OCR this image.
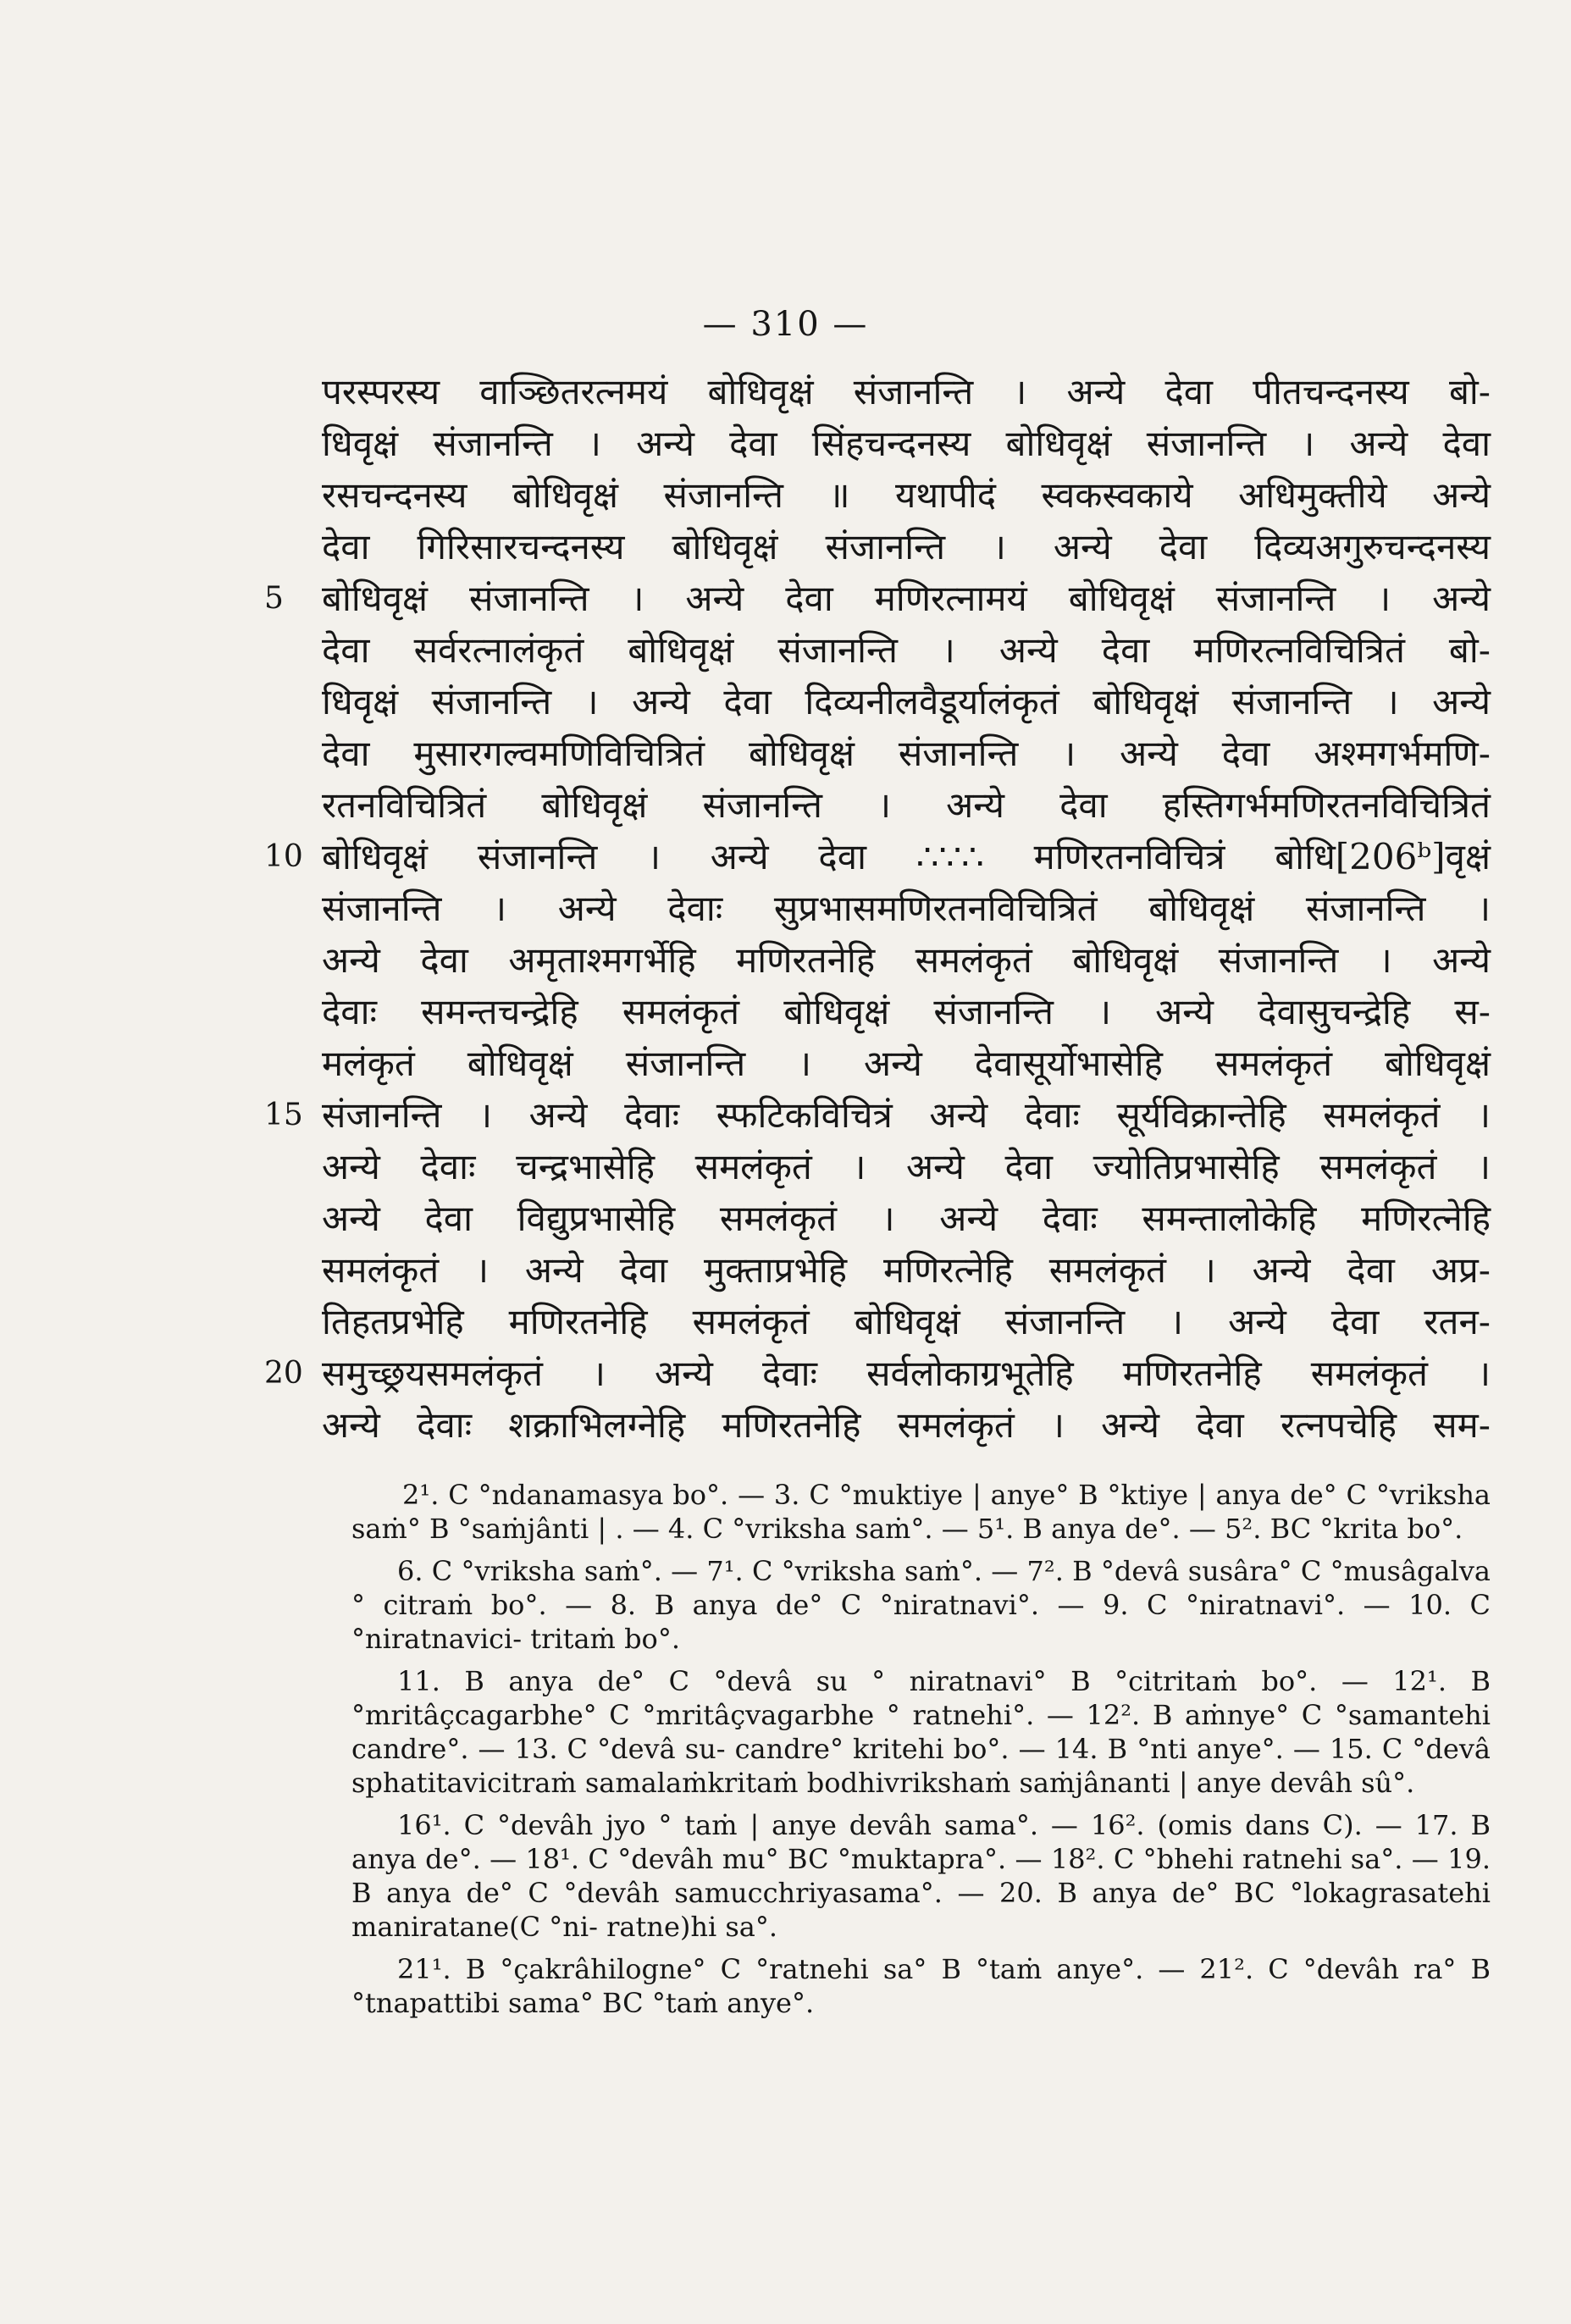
— 310 —
परस्परस्य वाञ्छितरत्नमयं बोधिवृक्षं संजानन्ति । अन्ये देवा पीतचन्दनस्य बो-
धिवृक्षं संजानन्ति । अन्ये देवा सिंहचन्दनस्य बोधिवृक्षं संजानन्ति । अन्ये देवा
रसचन्दनस्य बोधिवृक्षं संजानन्ति ॥ यथापीदं स्वकस्वकाये अधिमुक्तीये अन्ये
देवा गिरिसारचन्दनस्य बोधिवृक्षं संजानन्ति । अन्ये देवा दिव्यअगुरुचन्दनस्य
5	बोधिवृक्षं संजानन्ति । अन्ये देवा मणिरत्नामयं बोधिवृक्षं संजानन्ति । अन्ये
देवा सर्वरत्नालंकृतं बोधिवृक्षं संजानन्ति । अन्ये देवा मणिरत्नविचित्रितं बो-
धिवृक्षं संजानन्ति । अन्ये देवा दिव्यनीलवैडूर्यालंकृतं बोधिवृक्षं संजानन्ति । अन्ये
देवा मुसारगल्वमणिविचित्रितं बोधिवृक्षं संजानन्ति । अन्ये देवा अश्मगर्भमणि-
रतनविचित्रितं बोधिवृक्षं संजानन्ति । अन्ये देवा हस्तिगर्भमणिरतनविचित्रितं
10 बोधिवृक्षं संजानन्ति । अन्ये देवा ∴∵∴ मणिरतनविचित्रं बोधि[206ᵇ]वृक्षं
संजानन्ति । अन्ये देवाः सुप्रभासमणिरतनविचित्रितं बोधिवृक्षं संजानन्ति ।
अन्ये देवा अमृताश्मगर्भेहि मणिरतनेहि समलंकृतं बोधिवृक्षं संजानन्ति । अन्ये
देवाः समन्तचन्द्रेहि समलंकृतं बोधिवृक्षं संजानन्ति । अन्ये देवासुचन्द्रेहि स-
मलंकृतं बोधिवृक्षं संजानन्ति । अन्ये देवासूर्योभासेहि समलंकृतं बोधिवृक्षं
15 संजानन्ति । अन्ये देवाः स्फटिकविचित्रं अन्ये देवाः सूर्यविक्रान्तेहि समलंकृतं ।
अन्ये देवाः चन्द्रभासेहि समलंकृतं । अन्ये देवा ज्योतिप्रभासेहि समलंकृतं ।
अन्ये देवा विद्युप्रभासेहि समलंकृतं । अन्ये देवाः समन्तालोकेहि मणिरत्नेहि
समलंकृतं । अन्ये देवा मुक्ताप्रभेहि मणिरत्नेहि समलंकृतं । अन्ये देवा अप्र-
तिहतप्रभेहि मणिरतनेहि समलंकृतं बोधिवृक्षं संजानन्ति । अन्ये देवा रतन-
20 समुच्छ्रयसमलंकृतं । अन्ये देवाः सर्वलोकाग्रभूतेहि मणिरतनेहि समलंकृतं ।
अन्ये देवाः शक्राभिलग्नेहि मणिरतनेहि समलंकृतं । अन्ये देवा रत्नपचेहि सम-

2¹. C °ndanamasya bo°. — 3. C °muktiye | anye° B °ktiye | anya de° C °vriksha saṁ° B °saṁjânti | . — 4. C °vriksha saṁ°. — 5¹. B anya de°. — 5². BC °krita bo°.

6. C °vriksha saṁ°. — 7¹. C °vriksha saṁ°. — 7². B °devâ susâra° C °musâgalva ° citraṁ bo°. — 8. B anya de° C °niratnavi°. — 9. C °niratnavi°. — 10. C °niratnavici- tritaṁ bo°.

11. B anya de° C °devâ su ° niratnavi° B °citritaṁ bo°. — 12¹. B °mritâçcagarbhe° C °mritâçvagarbhe ° ratnehi°. — 12². B aṁnye° C °samantehi candre°. — 13. C °devâ su- candre° kritehi bo°. — 14. B °nti anye°. — 15. C °devâ sphatitavicitraṁ samalaṁkritaṁ bodhivrikshaṁ saṁjânanti | anye devâh sû°.

16¹. C °devâh jyo ° taṁ | anye devâh sama°. — 16². (omis dans C). — 17. B anya de°. — 18¹. C °devâh mu° BC °muktapra°. — 18². C °bhehi ratnehi sa°. — 19. B anya de° C °devâh samucchriyasama°. — 20. B anya de° BC °lokagrasatehi maniratane(C °ni- ratne)hi sa°.

21¹. B °çakrâhilogne° C °ratnehi sa° B °taṁ anye°. — 21². C °devâh ra° B °tnapattibi sama° BC °taṁ anye°.
